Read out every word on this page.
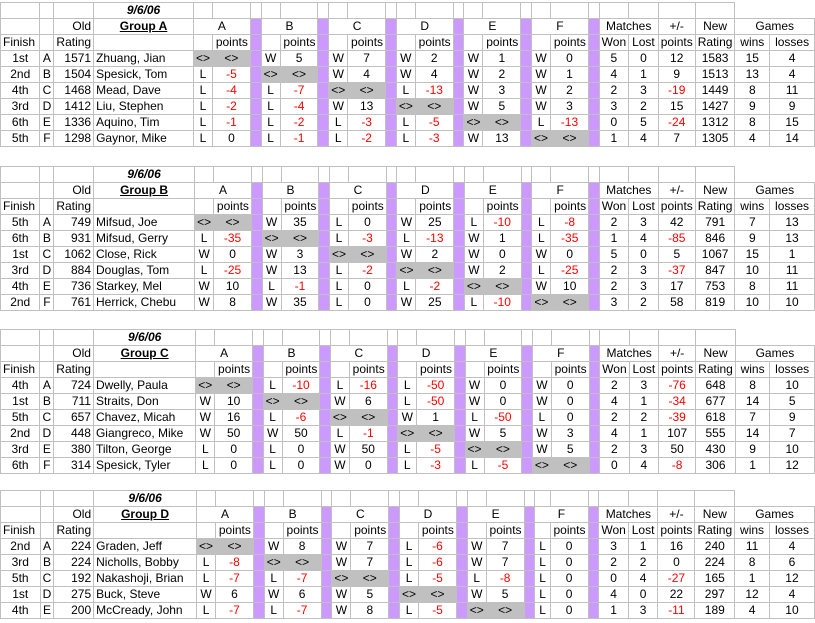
			9/6/06																								
		Old	Group A	A			B			C			D			E			F			Matches		+/-	New	Games	
Finish		Rating			points			points			points			points			points			points		Won	Lost	points	Rating	wins	losses
1st	A	1571	Zhuang, Jian	<>	<>		W	5		W	7		W	2		W	1		W	0		5	0	12	1583	15	4
2nd	B	1504	Spesick, Tom	L	-5		<>	<>		W	4		W	4		W	2		W	1		4	1	9	1513	13	4
4th	C	1468	Mead, Dave	L	-4		L	-7		<>	<>		L	-13		W	3		W	2		2	3	-19	1449	8	11
3rd	D	1412	Liu, Stephen	L	-2		L	-4		W	13		<>	<>		W	5		W	3		3	2	15	1427	9	9
6th	E	1336	Aquino, Tim	L	-1		L	-2		L	-3		L	-5		<>	<>		L	-13		0	5	-24	1312	8	15
5th	F	1298	Gaynor, Mike	L	0		L	-1		L	-2		L	-3		W	13		<>	<>		1	4	7	1305	4	14
			9/6/06																								
		Old	Group B	A			B			C			D			E			F			Matches		+/-	New	Games	
Finish		Rating			points			points			points			points			points			points		Won	Lost	points	Rating	wins	losses
5th	A	749	Mifsud, Joe	<>	<>		W	35		L	0		W	25		L	-10		L	-8		2	3	42	791	7	13
6th	B	931	Mifsud, Gerry	L	-35		<>	<>		L	-3		L	-13		W	1		L	-35		1	4	-85	846	9	13
1st	C	1062	Close, Rick	W	0		W	3		<>	<>		W	2		W	0		W	0		5	0	5	1067	15	1
3rd	D	884	Douglas, Tom	L	-25		W	13		L	-2		<>	<>		W	2		L	-25		2	3	-37	847	10	11
4th	E	736	Starkey, Mel	W	10		L	-1		L	0		L	-2		<>	<>		W	10		2	3	17	753	8	11
2nd	F	761	Herrick, Chebu	W	8		W	35		L	0		W	25		L	-10		<>	<>		3	2	58	819	10	10
			9/6/06																								
		Old	Group C	A			B			C			D			E			F			Matches		+/-	New	Games	
Finish		Rating			points			points			points			points			points			points		Won	Lost	points	Rating	wins	losses
4th	A	724	Dwelly, Paula	<>	<>		L	-10		L	-16		L	-50		W	0		W	0		2	3	-76	648	8	10
1st	B	711	Straits, Don	W	10		<>	<>		W	6		L	-50		W	0		W	0		4	1	-34	677	14	5
5th	C	657	Chavez, Micah	W	16		L	-6		<>	<>		W	1		L	-50		L	0		2	2	-39	618	7	9
2nd	D	448	Giangreco, Mike	W	50		W	50		L	-1		<>	<>		W	5		W	3		4	1	107	555	14	7
3rd	E	380	Tilton, George	L	0		L	0		W	50		L	-5		<>	<>		W	5		2	3	50	430	9	10
6th	F	314	Spesick, Tyler	L	0		L	0		W	0		L	-3		L	-5		<>	<>		0	4	-8	306	1	12
			9/6/06																								
		Old	Group D	A			B			C			D			E			F			Matches		+/-	New	Games	
Finish		Rating			points			points			points			points			points			points		Won	Lost	points	Rating	wins	losses
2nd	A	224	Graden, Jeff	<>	<>		W	8		W	7		L	-6		W	7		L	0		3	1	16	240	11	4
3rd	B	224	Nicholls, Bobby	L	-8		<>	<>		W	7		L	-6		W	7		L	0		2	2	0	224	8	6
5th	C	192	Nakashoji, Brian	L	-7		L	-7		<>	<>		L	-5		L	-8		L	0		0	4	-27	165	1	12
1st	D	275	Buck, Steve	W	6		W	6		W	5		<>	<>		W	5		L	0		4	0	22	297	12	4
4th	E	200	McCready, John	L	-7		L	-7		W	8		L	-5		<>	<>		L	0		1	3	-11	189	4	10
